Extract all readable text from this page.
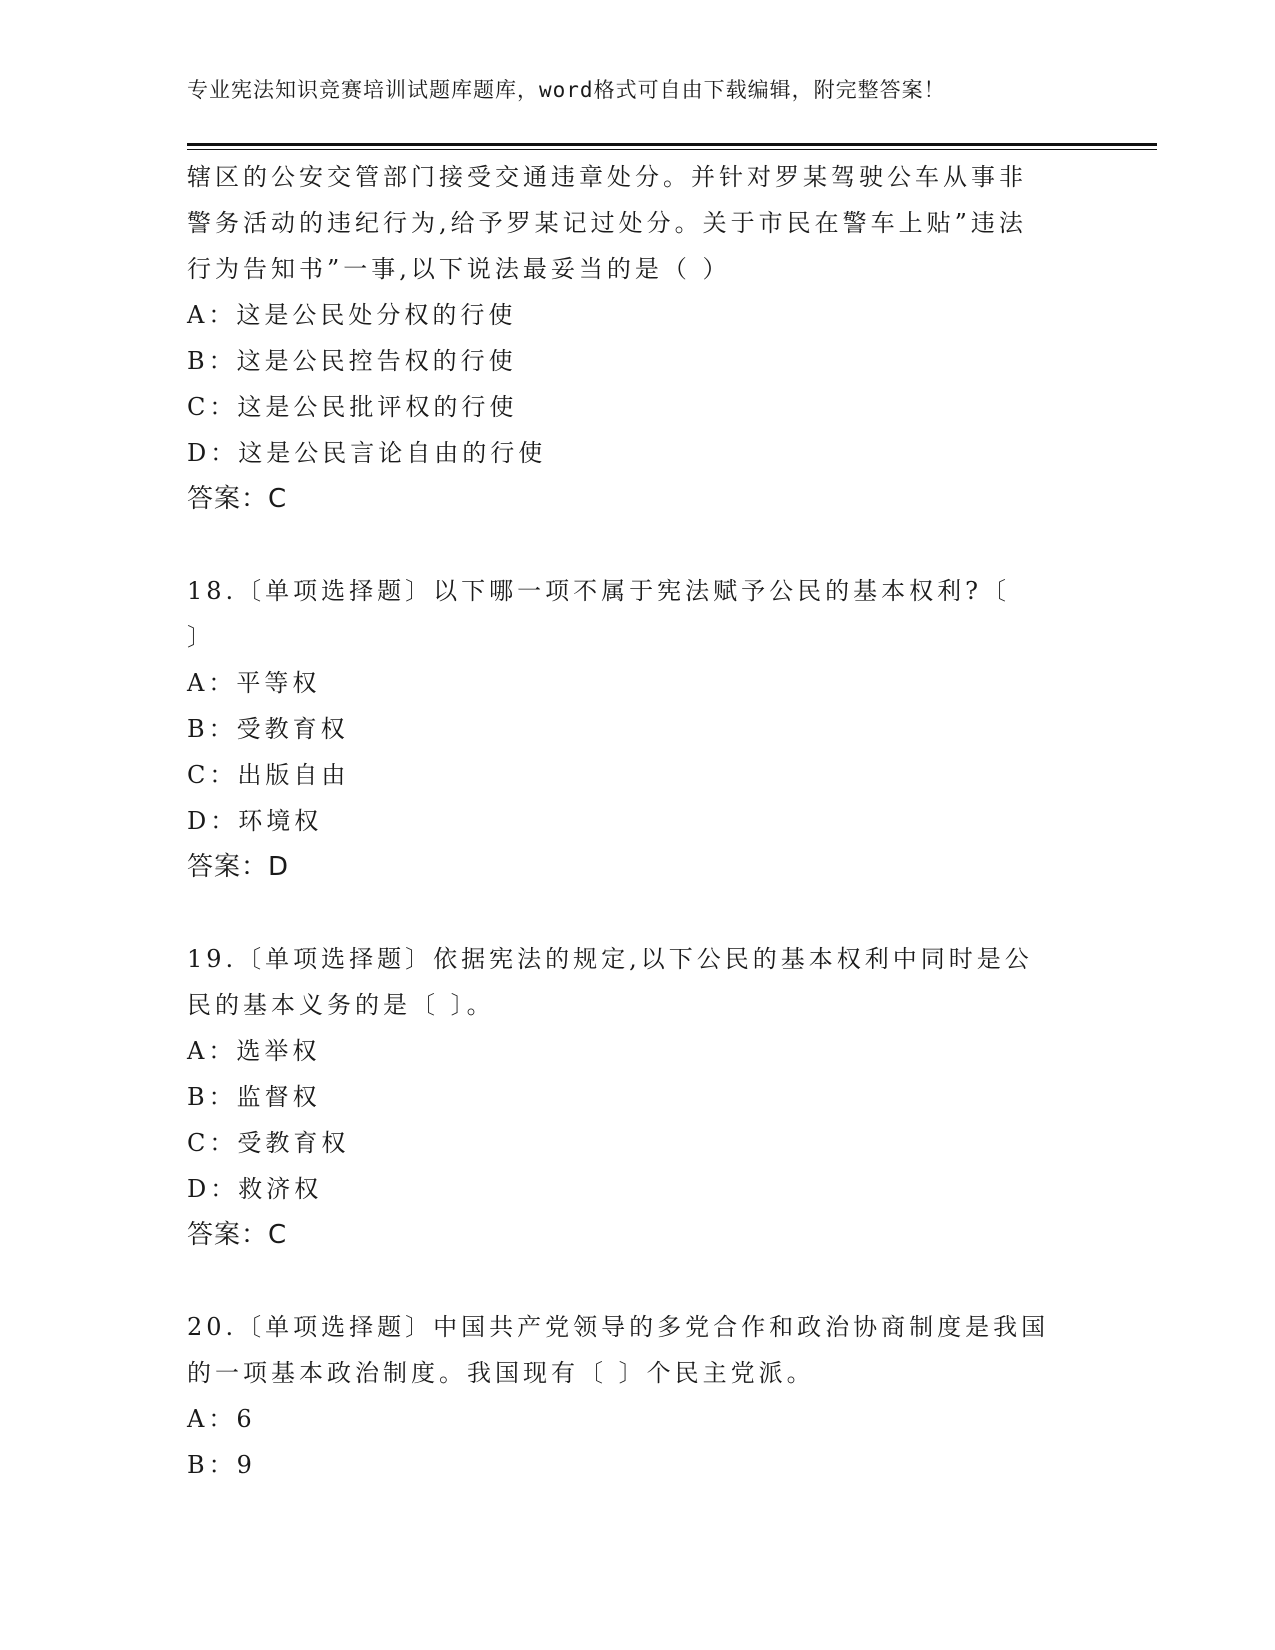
专业宪法知识竞赛培训试题库题库，word格式可自由下载编辑，附完整答案！
辖区的公安交管部门接受交通违章处分。并针对罗某驾驶公车从事非
警务活动的违纪行为,给予罗某记过处分。关于市民在警车上贴”违法
行为告知书”一事,以下说法最妥当的是（ ）
A：这是公民处分权的行使
B：这是公民控告权的行使
C：这是公民批评权的行使
D：这是公民言论自由的行使
答案：C
18.〔单项选择题〕以下哪一项不属于宪法赋予公民的基本权利?〔
〕
A：平等权
B：受教育权
C：出版自由
D：环境权
答案：D
19.〔单项选择题〕依据宪法的规定,以下公民的基本权利中同时是公
民的基本义务的是〔 〕。
A：选举权
B：监督权
C：受教育权
D：救济权
答案：C
20.〔单项选择题〕中国共产党领导的多党合作和政治协商制度是我国
的一项基本政治制度。我国现有〔 〕个民主党派。
A：6
B：9
